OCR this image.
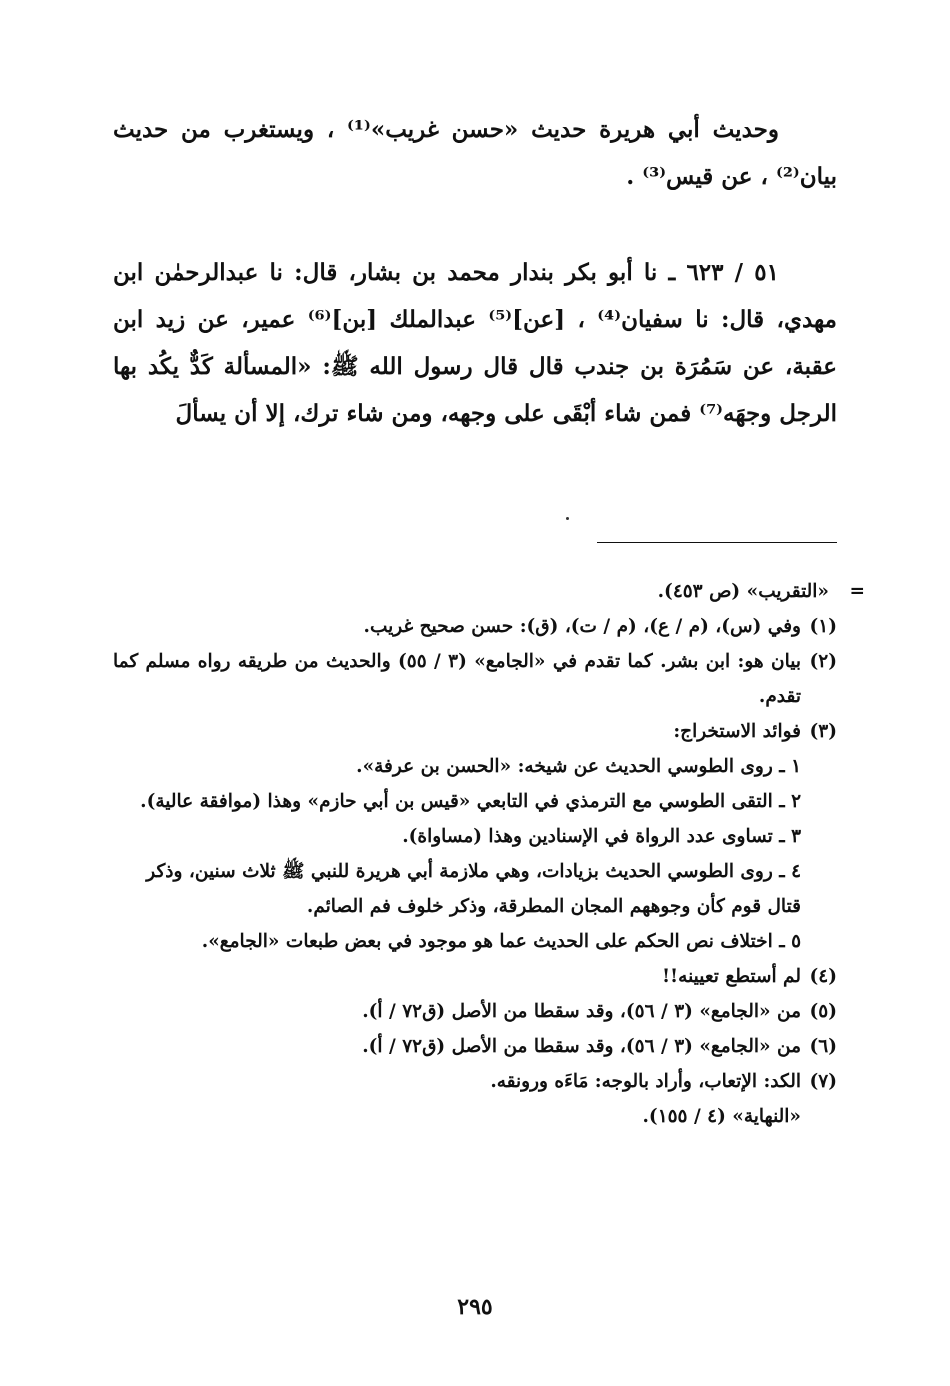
وحديث أبي هريرة حديث «حسن غريب»⁽¹⁾ ، ويستغرب من حديث بيان⁽²⁾ ، عن قيس⁽³⁾ .

٥١ / ٦٢٣ ـ نا أبو بكر بندار محمد بن بشار، قال: نا عبدالرحمٰن ابن مهدي، قال: نا سفيان⁽⁴⁾ ، [عن]⁽⁵⁾ عبدالملك [بن]⁽⁶⁾ عمير، عن زيد ابن عقبة، عن سَمُرَة بن جندب قال قال رسول الله ﷺ: «المسألة كَدٌّ يكُد بها الرجل وجهَه⁽⁷⁾ فمن شاء أبْقَى على وجهه، ومن شاء ترك، إلا أن يسألَ

=
«التقريب» (ص ٤٥٣).
(١)
وفي (س)، (م / ع)، (م / ت)، (ق): حسن صحيح غريب.
(٢)
بيان هو: ابن بشر. كما تقدم في «الجامع» (٣ / ٥٥) والحديث من طريقه رواه مسلم كما تقدم.
(٣)
فوائد الاستخراج:
١ ـ روى الطوسي الحديث عن شيخه: «الحسن بن عرفة».
٢ ـ التقى الطوسي مع الترمذي في التابعي «قيس بن أبي حازم» وهذا (موافقة عالية).
٣ ـ تساوى عدد الرواة في الإسنادين وهذا (مساواة).
٤ ـ روى الطوسي الحديث بزيادات، وهي ملازمة أبي هريرة للنبي ﷺ ثلاث سنين، وذكر قتال قوم كأن وجوههم المجان المطرقة، وذكر خلوف فم الصائم.
٥ ـ اختلاف نص الحكم على الحديث عما هو موجود في بعض طبعات «الجامع».
(٤)
لم أستطع تعيينه!!
(٥)
من «الجامع» (٣ / ٥٦)، وقد سقطا من الأصل (ق٧٢ / أ).
(٦)
من «الجامع» (٣ / ٥٦)، وقد سقطا من الأصل (ق٧٢ / أ).
(٧)
الكد: الإتعاب، وأراد بالوجه: مَاءَه ورونقه.
«النهاية» (٤ / ١٥٥).
٢٩٥
